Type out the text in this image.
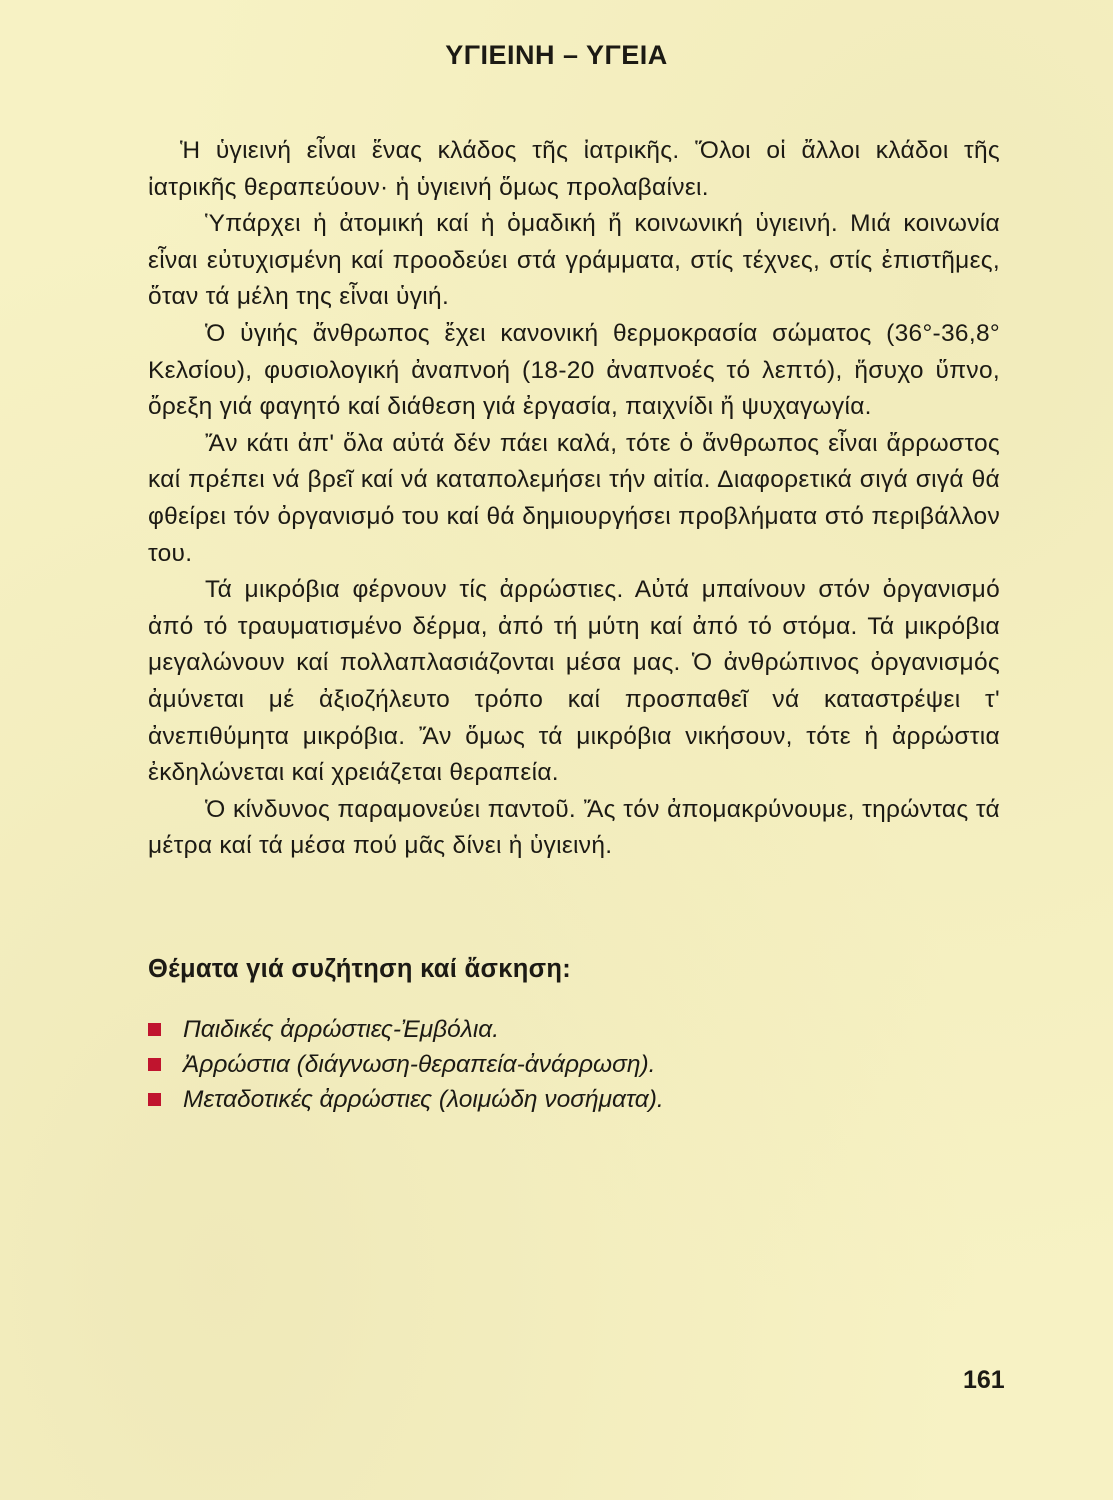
ΥΓΙΕΙΝΗ – ΥΓΕΙΑ

Ἡ ὑγιεινή εἶναι ἕνας κλάδος τῆς ἰατρικῆς. Ὅλοι οἱ ἄλλοι κλάδοι τῆς ἰατρικῆς θεραπεύουν· ἡ ὑγιεινή ὅμως προλαβαίνει.

Ὑπάρχει ἡ ἀτομική καί ἡ ὁμαδική ἤ κοινωνική ὑγιεινή. Μιά κοινωνία εἶναι εὐτυχισμένη καί προοδεύει στά γράμματα, στίς τέχνες, στίς ἐπιστῆμες, ὅταν τά μέλη της εἶναι ὑγιή.

Ὁ ὑγιής ἄνθρωπος ἔχει κανονική θερμοκρασία σώματος (36°-36,8° Κελσίου), φυσιολογική ἀναπνοή (18-20 ἀναπνοές τό λεπτό), ἥσυχο ὕπνο, ὄρεξη γιά φαγητό καί διάθεση γιά ἐργασία, παιχνίδι ἤ ψυχαγωγία.

Ἄν κάτι ἀπ' ὅλα αὐτά δέν πάει καλά, τότε ὁ ἄνθρωπος εἶναι ἄρρωστος καί πρέπει νά βρεῖ καί νά καταπολεμήσει τήν αἰτία. Διαφορετικά σιγά σιγά θά φθείρει τόν ὀργανισμό του καί θά δημιουργήσει προβλήματα στό περιβάλλον του.

Τά μικρόβια φέρνουν τίς ἀρρώστιες. Αὐτά μπαίνουν στόν ὀργανισμό ἀπό τό τραυματισμένο δέρμα, ἀπό τή μύτη καί ἀπό τό στόμα. Τά μικρόβια μεγαλώνουν καί πολλαπλασιάζονται μέσα μας. Ὁ ἀνθρώπινος ὀργανισμός ἀμύνεται μέ ἀξιοζήλευτο τρόπο καί προσπαθεῖ νά καταστρέψει τ' ἀνεπιθύμητα μικρόβια. Ἄν ὅμως τά μικρόβια νικήσουν, τότε ἡ ἀρρώστια ἐκδηλώνεται καί χρειάζεται θεραπεία.

Ὁ κίνδυνος παραμονεύει παντοῦ. Ἄς τόν ἀπομακρύνουμε, τηρώντας τά μέτρα καί τά μέσα πού μᾶς δίνει ἡ ὑγιεινή.

Θέματα γιά συζήτηση καί ἄσκηση:
Παιδικές ἀρρώστιες-Ἐμβόλια.
Ἀρρώστια (διάγνωση-θεραπεία-ἀνάρρωση).
Μεταδοτικές ἀρρώστιες (λοιμώδη νοσήματα).
161
